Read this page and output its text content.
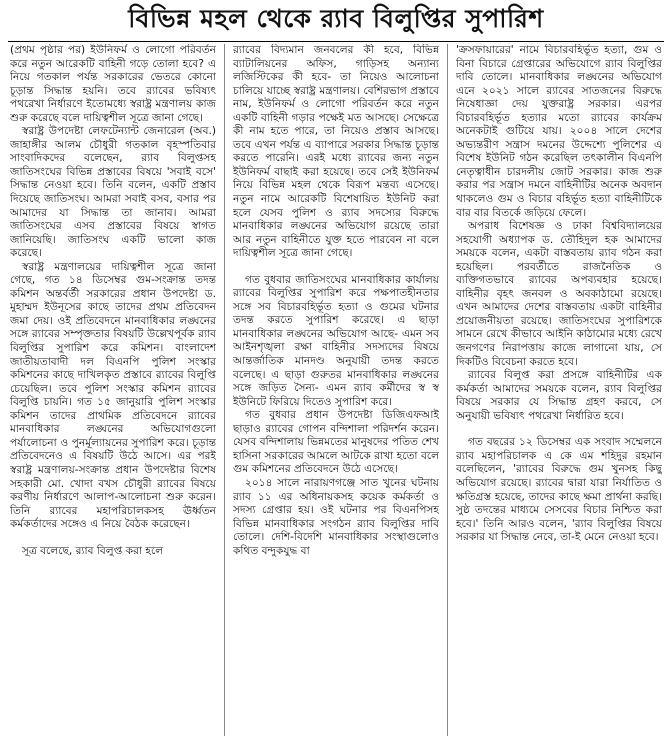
বিভিন্ন মহল থেকে র‌্যাব বিলুপ্তির সুপারিশ

(প্রথম পৃষ্ঠার পর) ইউনিফর্ম ও লোগো পরিবর্তন করে নতুন আরেকটি বাহিনী গড়ে তোলা হবে? এ নিয়ে গতকাল পর্যন্ত সরকারের ভেতরে কোনো চূড়ান্ত সিদ্ধান্ত হয়নি। তবে র‌্যাবের ভবিষ্যৎ পথরেখা নির্ধারণে ইতোমধ্যে স্বরাষ্ট্র মন্ত্রণালয় কাজ শুরু করেছে বলে দায়িত্বশীল সূত্রে জানা গেছে।

স্বরাষ্ট্র উপদেষ্টা লেফটেন্যান্ট জেনারেল (অব.) জাহাঙ্গীর আলম চৌধুরী গতকাল বৃহস্পতিবার সাংবাদিকদের বলেছেন, র‌্যাব বিলুপ্তসহ জাতিসংঘের বিভিন্ন প্রস্তাবের বিষয়ে 'সবাই বসে' সিদ্ধান্ত নেওয়া হবে। তিনি বলেন, একটি প্রস্তাব দিয়েছে জাতিসংঘ। আমরা সবাই বসব, বসার পর আমাদের যা সিদ্ধান্ত তা জানাব। আমরা জাতিসংঘের এসব প্রস্তাবের বিষয়ে স্বাগত জানিয়েছি। জাতিসংঘ একটি ভালো কাজ করেছে।

স্বরাষ্ট্র মন্ত্রণালয়ের দায়িত্বশীল সূত্রে জানা গেছে, গত ১৪ ডিসেম্বর গুম-সংক্রান্ত তদন্ত কমিশন অন্তর্বর্তী সরকারের প্রধান উপদেষ্টা ড. মুহাম্মদ ইউনূসের কাছে তাদের প্রথম প্রতিবেদন জমা দেয়। ওই প্রতিবেদনে মানবাধিকার লঙ্ঘনের সঙ্গে র‌্যাবের সম্পৃক্ততার বিষয়টি উল্লেখপূর্বক র‌্যাব বিলুপ্তির সুপারিশ করে কমিশন। বাংলাদেশ জাতীয়তাবাদী দল বিএনপি পুলিশ সংস্কার কমিশনের কাছে দাখিলকৃত প্রস্তাবে র‌্যাবের বিলুপ্তি চেয়েছিল। তবে পুলিশ সংস্কার কমিশন র‌্যাবের বিলুপ্তি চায়নি। গত ১৫ জানুয়ারি পুলিশ সংস্কার কমিশন তাদের প্রাথমিক প্রতিবেদনে র‌্যাবের মানবাধিকার লঙ্ঘনের অভিযোগগুলো পর্যালোচনা ও পুনর্মূল্যায়নের সুপারিশ করে। চূড়ান্ত প্রতিবেদনেও এ বিষয়টি উঠে আসে। এর পরই স্বরাষ্ট্র মন্ত্রণালয়-সংক্রান্ত প্রধান উপদেষ্টার বিশেষ সহকারী মো. খোদা বখস চৌধুরী র‌্যাবের বিষয়ে করণীয় নির্ধারণে আলাপ-আলোচনা শুরু করেন। তিনি র‌্যাবের মহাপরিচালকসহ ঊর্ধ্বতন কর্মকর্তাদের সঙ্গেও এ নিয়ে বৈঠক করেছেন।

সূত্র বলেছে, র‌্যাব বিলুপ্ত করা হলে

র‌্যাবের বিদ্যমান জনবলের কী হবে, বিভিন্ন ব্যাটালিয়নের অফিস, গাড়িসহ অন্যান্য লজিস্টিকের কী হবে- তা নিয়েও আলোচনা চালিয়ে যাচ্ছে স্বরাষ্ট্র মন্ত্রণালয়। বেশিরভাগ প্রস্তাবে নাম, ইউনিফর্ম ও লোগো পরিবর্তন করে নতুন একটি বাহিনী গড়ার পক্ষেই মত আসছে। সেক্ষেত্রে কী নাম হতে পারে, তা নিয়েও প্রস্তাব আসছে। তবে এখন পর্যন্ত এ ব্যাপারে সরকার সিদ্ধান্ত চূড়ান্ত করতে পারেনি। এরই মধ্যে র‌্যাবের জন্য নতুন ইউনিফর্ম বাছাই করা হয়েছে। তবে সেই ইউনিফর্ম নিয়ে বিভিন্ন মহল থেকে বিরূপ মন্তব্য এসেছে। নতুন নামে আরেকটি বিশেষায়িত ইউনিট করা হলে যেসব পুলিশ ও র‌্যাব সদস্যের বিরুদ্ধে মানবাধিকার লঙ্ঘনের অভিযোগ রয়েছে তারা আর নতুন বাহিনীতে যুক্ত হতে পারবেন না বলে দায়িত্বশীল সূত্রে জানা গেছে।

গত বুধবার জাতিসংঘের মানবাধিকার কার্যালয় র‌্যাবের বিলুপ্তির সুপারিশ করে পক্ষপাতহীনতার সঙ্গে সব বিচারবহির্ভূত হত্যা ও গুমের ঘটনার তদন্ত করতে সুপারিশ করেছে। এ ছাড়া মানবাধিকার লঙ্ঘনের অভিযোগ আছে- এমন সব আইনশৃঙ্খলা রক্ষা বাহিনীর সদস্যদের বিষয়ে আন্তর্জাতিক মানদণ্ড অনুযায়ী তদন্ত করতে বলেছে। এ ছাড়া গুরুতর মানবাধিকার লঙ্ঘনের সঙ্গে জড়িত সৈন্য- এমন র‌্যাব কর্মীদের স্ব স্ব ইউনিটে ফিরিয়ে দিতেও সুপারিশ করে।

গত বুধবার প্রধান উপদেষ্টা ডিজিএফআই ছাড়াও র‌্যাবের গোপন বন্দিশালা পরিদর্শন করেন। যেসব বন্দিশালায় ভিন্নমতের মানুষদের পতিত শেখ হাসিনা সরকারের আমলে আটকে রাখা হতো বলে গুম কমিশনের প্রতিবেদনে উঠে এসেছে।

২০১৪ সালে নারায়ণগঞ্জে সাত খুনের ঘটনায় র‌্যাব ১১ এর অধিনায়কসহ কয়েক কর্মকর্তা ও সদস্য গ্রেপ্তার হয়। ওই ঘটনার পর বিএনপিসহ বিভিন্ন মানবাধিকার সংগঠন র‌্যাব বিলুপ্তির দাবি তোলে। দেশি-বিদেশি মানবাধিকার সংস্থাগুলোও কথিত বন্দুকযুদ্ধ বা

'ক্রসফায়ারের' নামে বিচারবহির্ভূত হত্যা, গুম ও বিনা বিচারে গ্রেপ্তারের অভিযোগে র‌্যাব বিলুপ্তির দাবি তোলে। মানবাধিকার লঙ্ঘনের অভিযোগ এনে ২০২১ সালে র‌্যাবের সাতজনের বিরুদ্ধে নিষেধাজ্ঞা দেয় যুক্তরাষ্ট্র সরকার। এরপর বিচারবহির্ভূত হত্যার মতো র‌্যাবের কার্যক্রম অনেকটাই গুটিয়ে যায়। ২০০৪ সালে দেশের অভ্যন্তরীণ সন্ত্রাস দমনের উদ্দেশ্যে পুলিশের এ বিশেষ ইউনিট গঠন করেছিল তৎকালীন বিএনপি নেতৃত্বাধীন চারদলীয় জোট সরকার। কাজ শুরু করার পর সন্ত্রাস দমনে বাহিনীটির অনেক অবদান থাকলেও গুম ও বিচার বহির্ভূত হত্যা বাহিনীটিকে বার বার বিতর্কে জড়িয়ে ফেলে।

অপরাধ বিশেষজ্ঞ ও ঢাকা বিশ্ববিদ্যালয়ের সহযোগী অধ্যাপক ড. তৌহিদুল হক আমাদের সময়কে বলেন, একটা বাস্তবতায় র‌্যাব গঠন করা হয়েছিল। পরবর্তীতে রাজনৈতিক ও ব্যক্তিগতভাবে র‌্যাবের অপব্যবহার হয়েছে। বাহিনীর বৃহৎ জনবল ও অবকাঠামো রয়েছে। এখন আমাদের দেশের বাস্তবতায় একটা বাহিনীর প্রয়োজনীয়তা রয়েছে। জাতিসংঘের সুপারিশকে সামনে রেখে কীভাবে আইনি কাঠামোর মধ্যে রেখে জনগণের নিরাপত্তায় কাজে লাগানো যায়, সে দিকটিও বিবেচনা করতে হবে।

র‌্যাবের বিলুপ্ত করা প্রসঙ্গে বাহিনীটির এক কর্মকর্তা আমাদের সময়কে বলেন, র‌্যাব বিলুপ্তির বিষয়ে সরকার যে সিদ্ধান্ত গ্রহণ করবে, সে অনুযায়ী ভবিষ্যৎ পথরেখা নির্ধারিত হবে।

গত বছরের ১২ ডিসেম্বর এক সংবাদ সম্মেলনে র‌্যাব মহাপরিচালক এ কে এম শহিদুর রহমান বলেছিলেন, 'র‌্যাবের বিরুদ্ধে গুম খুনসহ কিছু অভিযোগ রয়েছে। র‌্যাবের দ্বারা যারা নির্যাতিত ও ক্ষতিগ্রস্ত হয়েছে, তাদের কাছে ক্ষমা প্রার্থনা করছি। সুষ্ঠ তদন্তের মাধ্যমে সেসবের বিচার নিশ্চিত করা হবে।' তিনি আরও বলেন, 'র‌্যাব বিলুপ্তির বিষয়ে সরকার যা সিদ্ধান্ত নেবে, তা-ই মেনে নেওয়া হবে।
